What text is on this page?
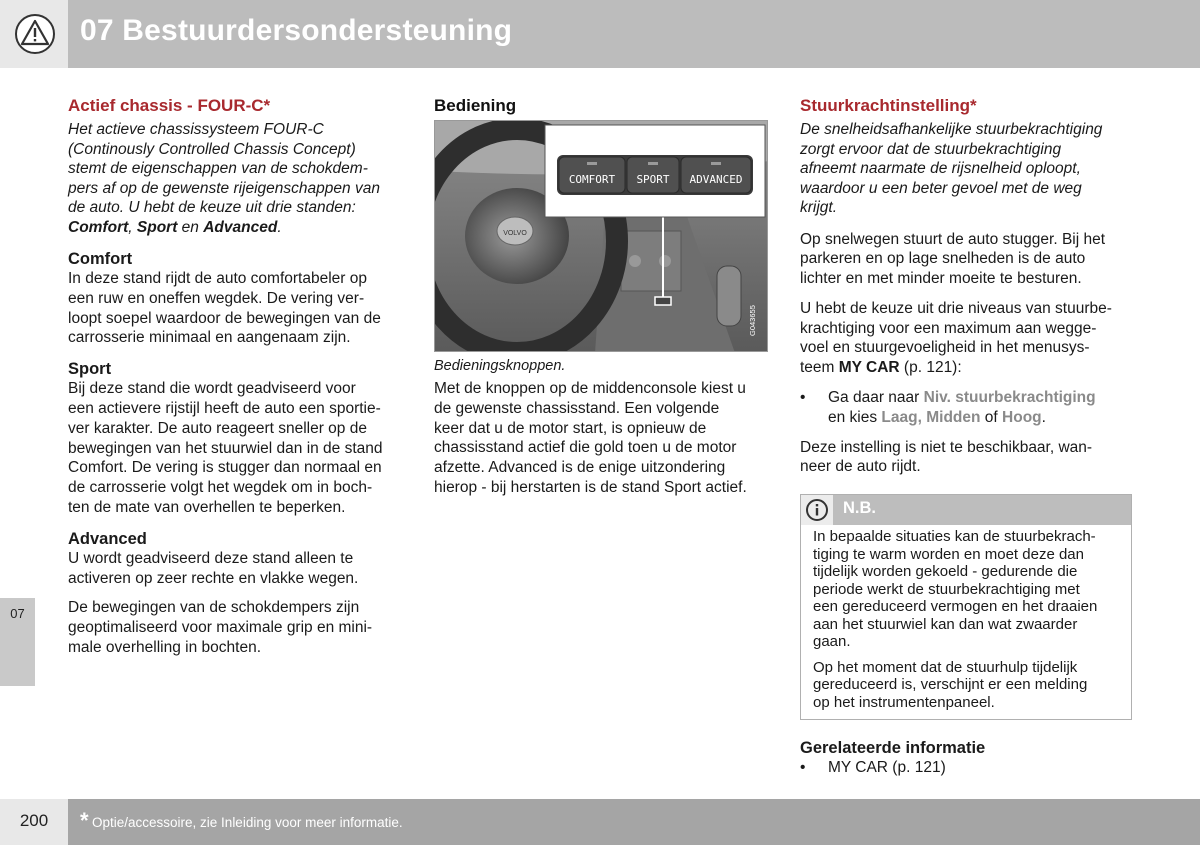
07 Bestuurdersondersteuning
07
Actief chassis - FOUR-C*
Het actieve chassissysteem FOUR-C
(Continously Controlled Chassis Concept)
stemt de eigenschappen van de schokdem-
pers af op de gewenste rijeigenschappen van
de auto. U hebt de keuze uit drie standen:
Comfort, Sport en Advanced.
Comfort
In deze stand rijdt de auto comfortabeler op
een ruw en oneffen wegdek. De vering ver-
loopt soepel waardoor de bewegingen van de
carrosserie minimaal en aangenaam zijn.
Sport
Bij deze stand die wordt geadviseerd voor
een actievere rijstijl heeft de auto een sportie-
ver karakter. De auto reageert sneller op de
bewegingen van het stuurwiel dan in de stand
Comfort. De vering is stugger dan normaal en
de carrosserie volgt het wegdek om in boch-
ten de mate van overhellen te beperken.
Advanced
U wordt geadviseerd deze stand alleen te
activeren op zeer rechte en vlakke wegen.
De bewegingen van de schokdempers zijn
geoptimaliseerd voor maximale grip en mini-
male overhelling in bochten.
Bediening
VOLVO
COMFORT SPORT ADVANCED
G043655
Bedieningsknoppen.
Met de knoppen op de middenconsole kiest u
de gewenste chassisstand. Een volgende
keer dat u de motor start, is opnieuw de
chassisstand actief die gold toen u de motor
afzette. Advanced is de enige uitzondering
hierop - bij herstarten is de stand Sport actief.
Stuurkrachtinstelling*
De snelheidsafhankelijke stuurbekrachtiging
zorgt ervoor dat de stuurbekrachtiging
afneemt naarmate de rijsnelheid oploopt,
waardoor u een beter gevoel met de weg
krijgt.
Op snelwegen stuurt de auto stugger. Bij het
parkeren en op lage snelheden is de auto
lichter en met minder moeite te besturen.
U hebt de keuze uit drie niveaus van stuurbe-
krachtiging voor een maximum aan wegge-
voel en stuurgevoeligheid in het menusys-
teem MY CAR (p. 121):
• Ga daar naar Niv. stuurbekrachtiging
en kies Laag, Midden of Hoog.
Deze instelling is niet te beschikbaar, wan-
neer de auto rijdt.
N.B.
In bepaalde situaties kan de stuurbekrach-
tiging te warm worden en moet deze dan
tijdelijk worden gekoeld - gedurende die
periode werkt de stuurbekrachtiging met
een gereduceerd vermogen en het draaien
aan het stuurwiel kan dan wat zwaarder
gaan.
Op het moment dat de stuurhulp tijdelijk
gereduceerd is, verschijnt er een melding
op het instrumentenpaneel.
Gerelateerde informatie
• MY CAR (p. 121)
200	* Optie/accessoire, zie Inleiding voor meer informatie.
